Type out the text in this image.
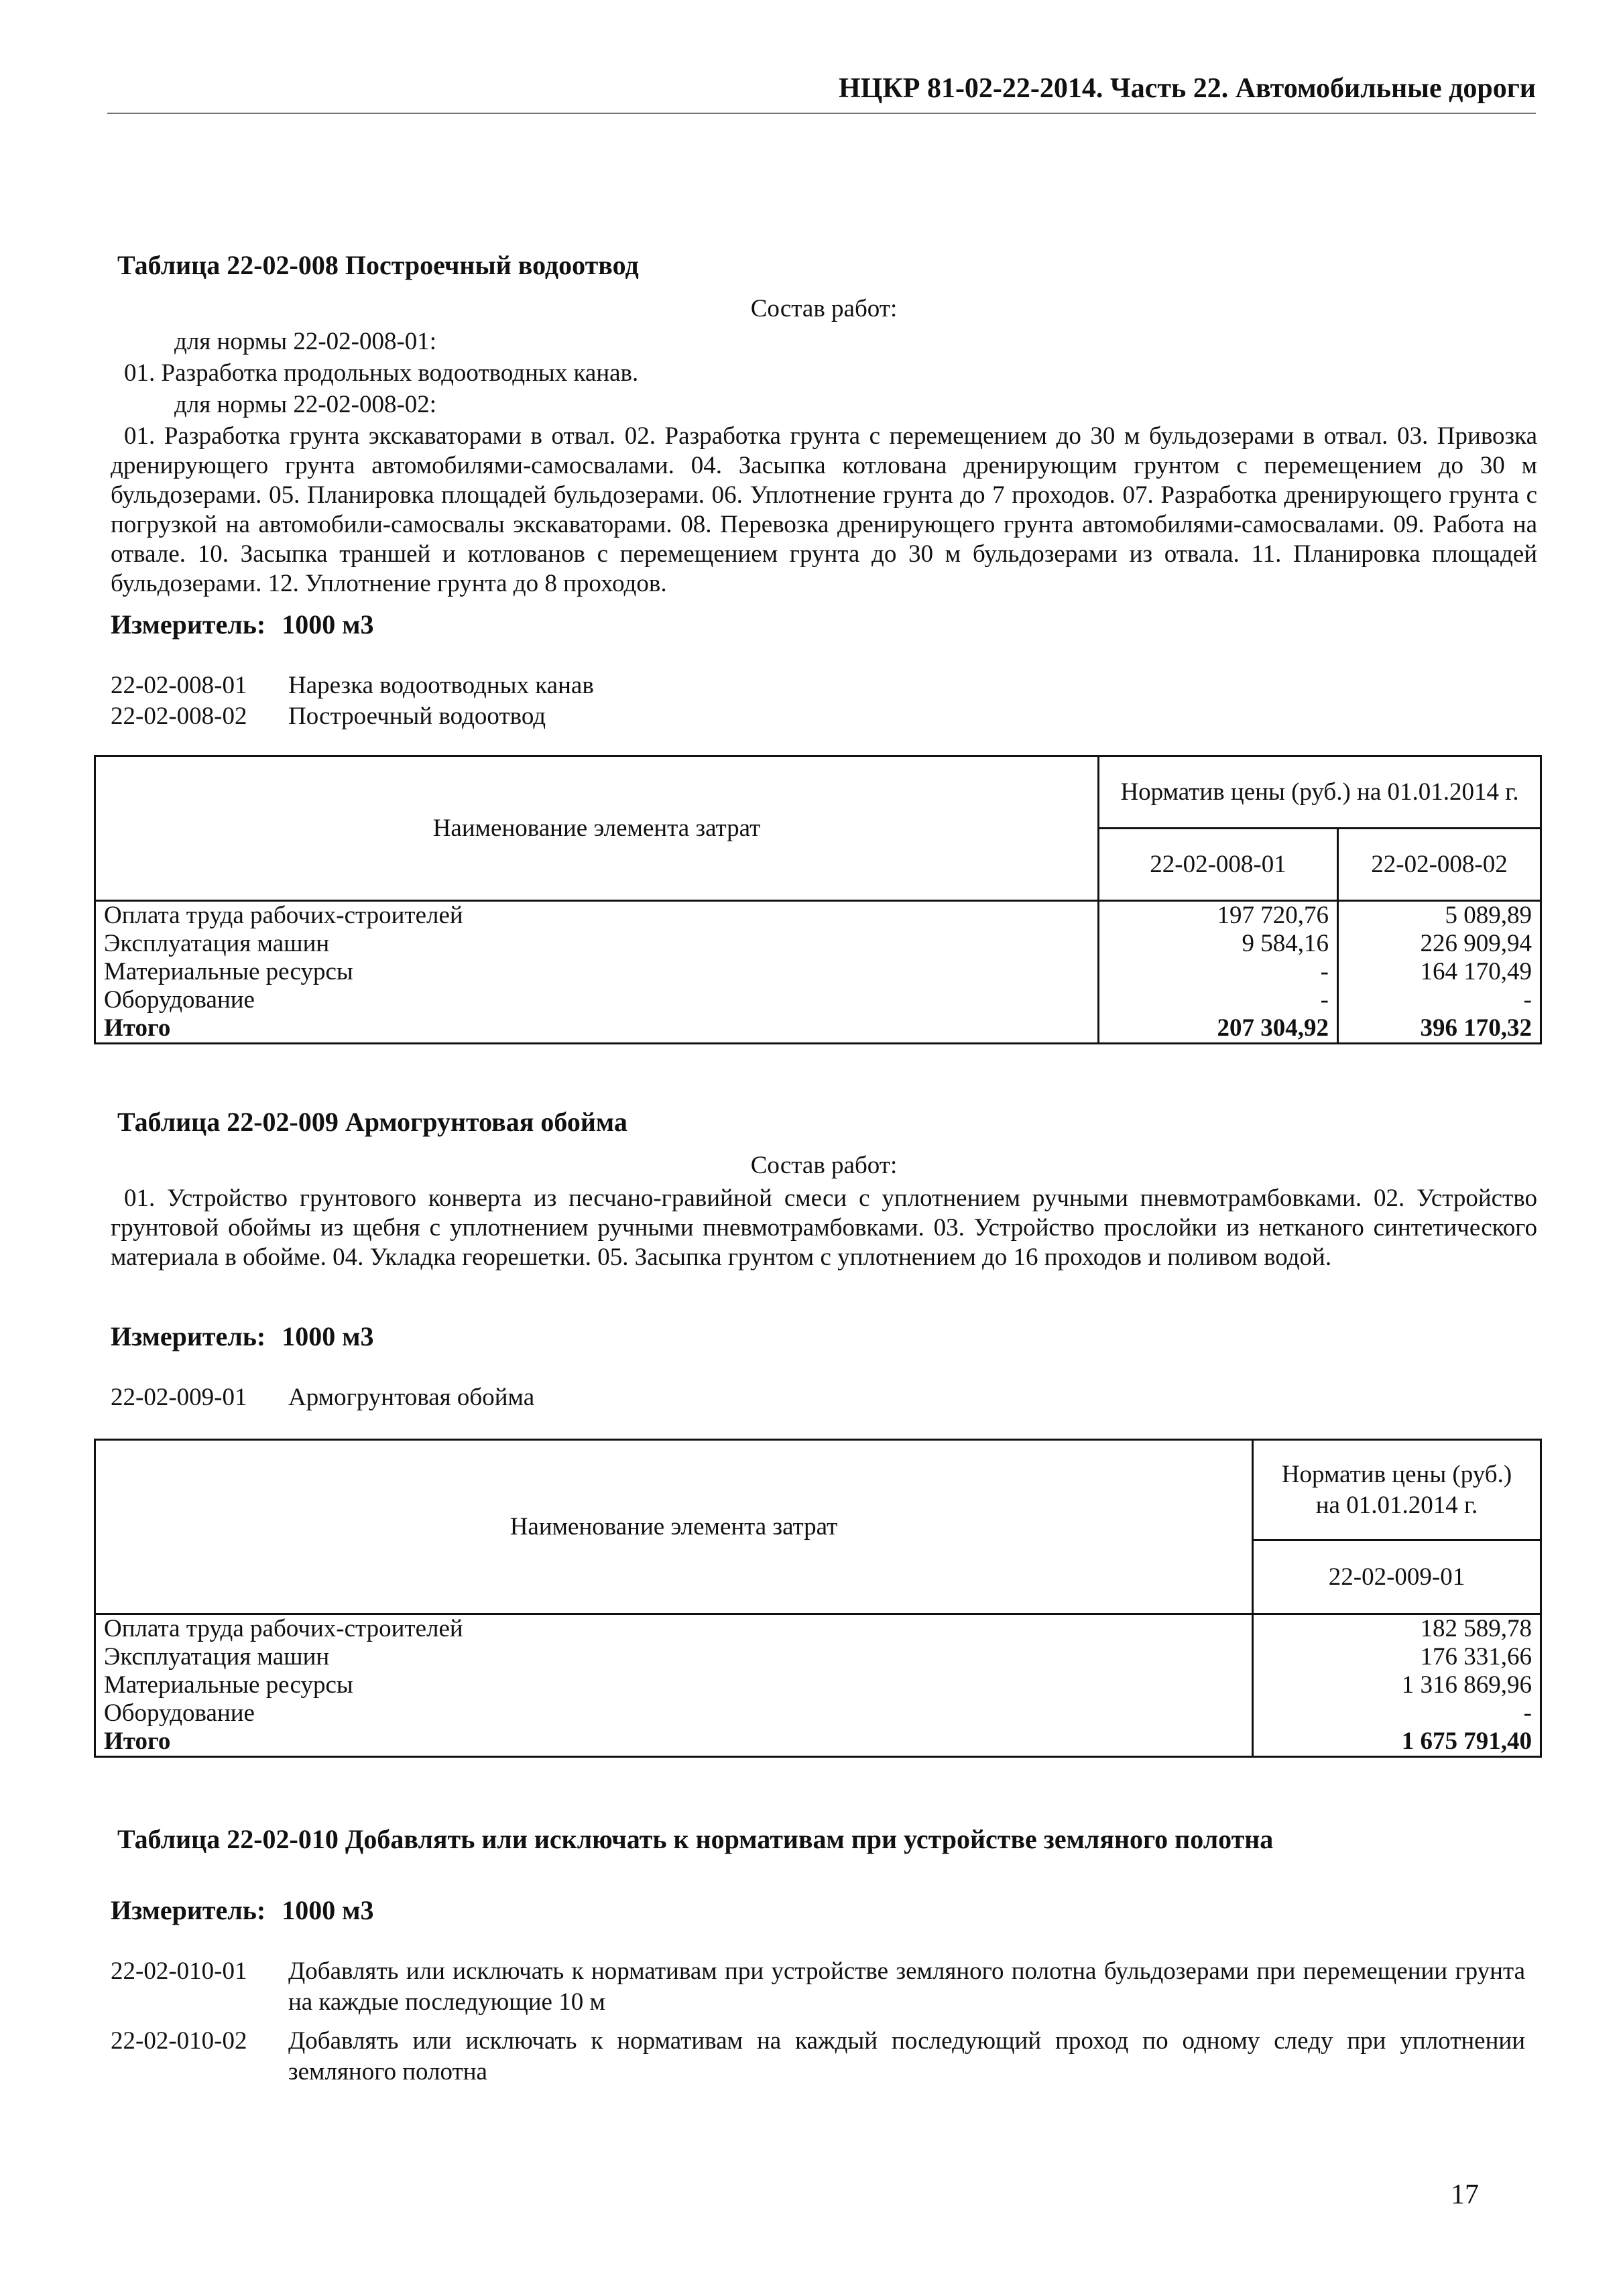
НЦКР 81-02-22-2014. Часть 22. Автомобильные дороги
Таблица 22-02-008 Построечный водоотвод
Состав работ:
для нормы 22-02-008-01:
01. Разработка продольных водоотводных канав.
для нормы 22-02-008-02:

01. Разработка грунта экскаваторами в отвал. 02. Разработка грунта с перемещением до 30 м бульдозерами в отвал. 03. Привозка дренирующего грунта автомобилями-самосвалами. 04. Засыпка котлована дренирующим грунтом с перемещением до 30 м бульдозерами. 05. Планировка площадей бульдозерами. 06. Уплотнение грунта до 7 проходов. 07. Разработка дренирующего грунта с погрузкой на автомобили-самосвалы экскаваторами. 08. Перевозка дренирующего грунта автомобилями-самосвалами. 09. Работа на отвале. 10. Засыпка траншей и котлованов с перемещением грунта до 30 м бульдозерами из отвала. 11. Планировка площадей бульдозерами. 12. Уплотнение грунта до 8 проходов.

Измеритель: 1000 м3
22-02-008-01	Нарезка водоотводных канав
22-02-008-02	Построечный водоотвод
Наименование элемента затрат	Норматив цены (руб.) на 01.01.2014 г.	
	22-02-008-01	22-02-008-02
Оплата труда рабочих-строителей	197 720,76	5 089,89
Эксплуатация машин	9 584,16	226 909,94
Материальные ресурсы	-	164 170,49
Оборудование	-	-
Итого	207 304,92	396 170,32
Таблица 22-02-009 Армогрунтовая обойма
Состав работ:

01. Устройство грунтового конверта из песчано-гравийной смеси с уплотнением ручными пневмотрамбовками. 02. Устройство грунтовой обоймы из щебня с уплотнением ручными пневмотрамбовками. 03. Устройство прослойки из нетканого синтетического материала в обойме. 04. Укладка георешетки. 05. Засыпка грунтом с уплотнением до 16 проходов и поливом водой.

Измеритель: 1000 м3
22-02-009-01	Армогрунтовая обойма
Наименование элемента затрат	Норматив цены (руб.)
на 01.01.2014 г.

	22-02-009-01
Оплата труда рабочих-строителей	182 589,78
Эксплуатация машин	176 331,66
Материальные ресурсы	1 316 869,96
Оборудование	-
Итого	1 675 791,40
Таблица 22-02-010 Добавлять или исключать к нормативам при устройстве земляного полотна
Измеритель: 1000 м3
22-02-010-01	Добавлять или исключать к нормативам при устройстве земляного полотна бульдозерами при перемещении грунта на каждые последующие 10 м
22-02-010-02	Добавлять или исключать к нормативам на каждый последующий проход по одному следу при уплотнении земляного полотна
17
